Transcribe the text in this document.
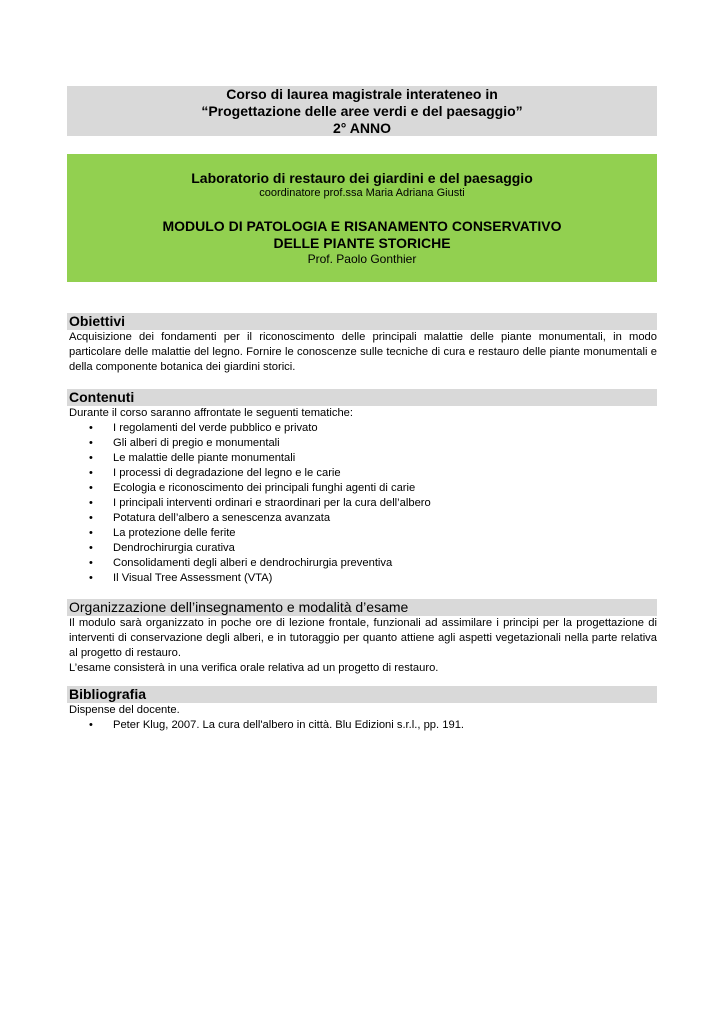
Corso di laurea magistrale interateneo in
“Progettazione delle aree verdi e del paesaggio”
2° ANNO
Laboratorio di restauro dei giardini e del paesaggio
coordinatore prof.ssa Maria Adriana Giusti
MODULO DI PATOLOGIA E RISANAMENTO CONSERVATIVO
DELLE PIANTE STORICHE
Prof. Paolo Gonthier
Obiettivi
Acquisizione dei fondamenti per il riconoscimento delle principali malattie delle piante monumentali, in modo particolare delle malattie del legno. Fornire le conoscenze sulle tecniche di cura e restauro delle piante monumentali e della componente botanica dei giardini storici.
Contenuti
Durante il corso saranno affrontate le seguenti tematiche:
• I regolamenti del verde pubblico e privato
• Gli alberi di pregio e monumentali
• Le malattie delle piante monumentali
• I processi di degradazione del legno e le carie
• Ecologia e riconoscimento dei principali funghi agenti di carie
• I principali interventi ordinari e straordinari per la cura dell’albero
• Potatura dell’albero a senescenza avanzata
• La protezione delle ferite
• Dendrochirurgia curativa
• Consolidamenti degli alberi e dendrochirurgia preventiva
• Il Visual Tree Assessment (VTA)
Organizzazione dell’insegnamento e modalità d’esame
Il modulo sarà organizzato in poche ore di lezione frontale, funzionali ad assimilare i principi per la progettazione di interventi di conservazione degli alberi, e in tutoraggio per quanto attiene agli aspetti vegetazionali nella parte relativa al progetto di restauro.
L’esame consisterà in una verifica orale relativa ad un progetto di restauro.
Bibliografia
Dispense del docente.
• Peter Klug, 2007. La cura dell'albero in città. Blu Edizioni s.r.l., pp. 191.
